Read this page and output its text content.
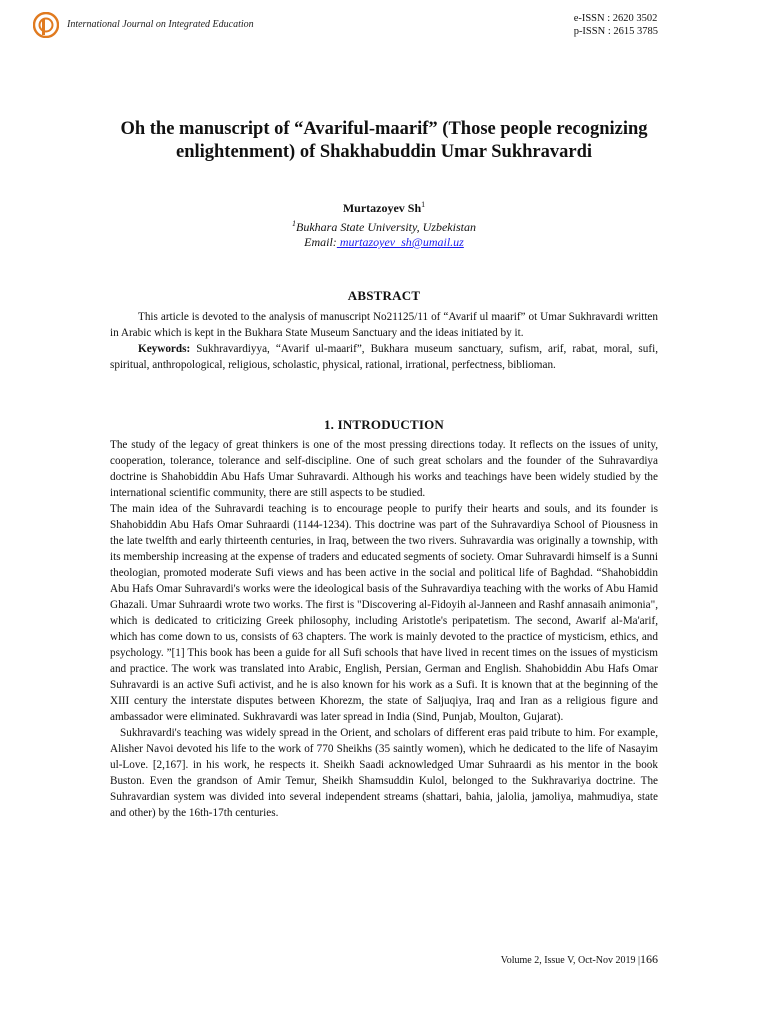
International Journal on Integrated Education
e-ISSN : 2620 3502
p-ISSN : 2615 3785
Oh the manuscript of “Avariful-maarif” (Those people recognizing enlightenment) of Shakhabuddin Umar Sukhravardi
Murtazoyev Sh$^1$
$^1$Bukhara State University, Uzbekistan
Email: murtazoyev_sh@umail.uz
ABSTRACT

This article is devoted to the analysis of manuscript No21125/11 of “Avarif ul maarif” ot Umar Sukhravardi written in Arabic which is kept in the Bukhara State Museum Sanctuary and the ideas initiated by it.

Keywords: Sukhravardiyya, “Avarif ul-maarif”, Bukhara museum sanctuary, sufism, arif, rabat, moral, sufi, spiritual, anthropological, religious, scholastic, physical, rational, irrational, perfectness, biblioman.

1. INTRODUCTION

The study of the legacy of great thinkers is one of the most pressing directions today. It reflects on the issues of unity, cooperation, tolerance, tolerance and self-discipline. One of such great scholars and the founder of the Suhravardiya doctrine is Shahobiddin Abu Hafs Umar Suhravardi. Although his works and teachings have been widely studied by the international scientific community, there are still aspects to be studied.

The main idea of the Suhravardi teaching is to encourage people to purify their hearts and souls, and its founder is Shahobiddin Abu Hafs Omar Suhraardi (1144-1234). This doctrine was part of the Suhravardiya School of Piousness in the late twelfth and early thirteenth centuries, in Iraq, between the two rivers. Suhravardia was originally a township, with its membership increasing at the expense of traders and educated segments of society. Omar Suhravardi himself is a Sunni theologian, promoted moderate Sufi views and has been active in the social and political life of Baghdad. “Shahobiddin Abu Hafs Omar Suhravardi's works were the ideological basis of the Suhravardiya teaching with the works of Abu Hamid Ghazali. Umar Suhraardi wrote two works. The first is "Discovering al-Fidoyih al-Janneen and Rashf annasaih animonia", which is dedicated to criticizing Greek philosophy, including Aristotle's peripatetism. The second, Awarif al-Ma'arif, which has come down to us, consists of 63 chapters. The work is mainly devoted to the practice of mysticism, ethics, and psychology. ”[1] This book has been a guide for all Sufi schools that have lived in recent times on the issues of mysticism and practice. The work was translated into Arabic, English, Persian, German and English. Shahobiddin Abu Hafs Omar Suhravardi is an active Sufi activist, and he is also known for his work as a Sufi. It is known that at the beginning of the XIII century the interstate disputes between Khorezm, the state of Saljuqiya, Iraq and Iran as a religious figure and ambassador were eliminated. Sukhravardi was later spread in India (Sind, Punjab, Moulton, Gujarat).

Sukhravardi's teaching was widely spread in the Orient, and scholars of different eras paid tribute to him. For example, Alisher Navoi devoted his life to the work of 770 Sheikhs (35 saintly women), which he dedicated to the life of Nasayim ul-Love. [2,167]. in his work, he respects it. Sheikh Saadi acknowledged Umar Suhraardi as his mentor in the book Buston. Even the grandson of Amir Temur, Sheikh Shamsuddin Kulol, belonged to the Sukhravariya doctrine. The Suhravardian system was divided into several independent streams (shattari, bahia, jalolia, jamoliya, mahmudiya, state and other) by the 16th-17th centuries.

Volume 2, Issue V, Oct-Nov 2019 |166
